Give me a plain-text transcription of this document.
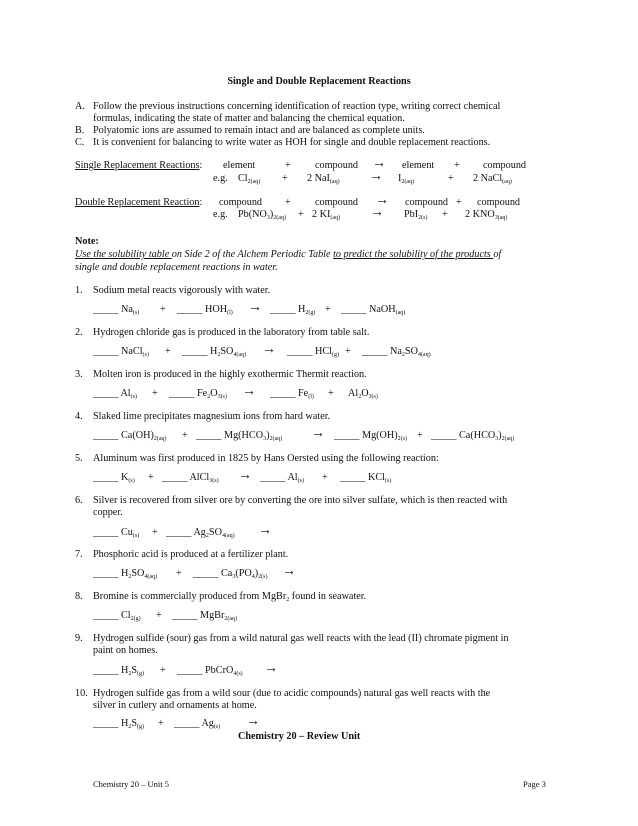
Single and Double Replacement Reactions
A. Follow the previous instructions concerning identification of reaction type, writing correct chemical
formulas, indicating the state of matter and balancing the chemical equation.
B. Polyatomic ions are assumed to remain intact and are balanced as complete units.
C. It is convenient for balancing to write water as HOH for single and double replacement reactions.
Single Replacement Reactions: element	+ compound → element + compound
e.g. $Cl_{2(aq)} + 2$ $NaI_{(aq)} \to I_{2(aq)}$	+ 2 NaCl$_{(aq)}$
Double Replacement Reaction: compound + compound → compound + compound
e.g. $Pb(NO_3)_{2(aq)} + 2$ $KI_{(aq)} \to PbI_{2(s)} + 2$ $KNO_{3(aq)}$
Note:
Use the solubility table on Side 2 of the Alchem Periodic Table to predict the solubility of the products of
single and double replacement reactions in water.
1. Sodium metal reacts vigorously with water.
_____ $Na_{(s)}$ + _____ $HOH_{(l)}$ → _____ $H_{2(g)}$ + _____ NaOH$_{(aq)}$
2. Hydrogen chloride gas is produced in the laboratory from table salt.
_____ NaCl$_{(s)}$ + _____ $H_2SO_{4(aq)}$ → _____ HCl$_{(g)}$ + _____ $Na_2SO_{4(aq)}$
3. Molten iron is produced in the highly exothermic Thermit reaction.
_____ $Al_{(s)}$ + _____ $Fe_2O_{3(s)}$ → _____ $Fe_{(l)} + Al_2O_{3(s)}$
4. Slaked lime precipitates magnesium ions from hard water.
_____ $Ca(OH)_{2(aq)}$ + _____ $Mg(HCO_3)_{2(aq)}$ → _____ $Mg(OH)_{2(s)}$ + _____ $Ca(HCO_3)_{2(aq)}$
5. Aluminum was first produced in 1825 by Hans Oersted using the following reaction:
_____ $K_{(s)}$ + _____ AlCl$_{3(s)}$ → _____ $Al_{(s)}$ + _____ KCl$_{(s)}$
6. Silver is recovered from silver ore by converting the ore into silver sulfate, which is then reacted with
copper.
_____ $Cu_{(s)}$ + _____ $Ag_2SO_{4(aq)}$ →
7. Phosphoric acid is produced at a fertilizer plant.
_____ $H_2SO_{4(aq)}$ + _____ $Ca_3(PO_4)_{2(s)}$ →
8. Bromine is commercially produced from MgBr$_2$ found in seawater.
_____ $Cl_{2(g)}$ + _____ MgBr$_{2(aq)}$
9. Hydrogen sulfide (sour) gas from a wild natural gas well reacts with the lead (II) chromate pigment in
paint on homes.
_____ $H_2S_{(g)}$ + _____ PbCrO$_{4(s)}$ →
10. Hydrogen sulfide gas from a wild sour (due to acidic compounds) natural gas well reacts with the
silver in cutlery and ornaments at home.
_____ $H_2S_{(g)}$ + _____ $Ag_{(s)}$ →
Chemistry 20 – Review Unit
Chemistry 20 – Unit 5	Page 3
